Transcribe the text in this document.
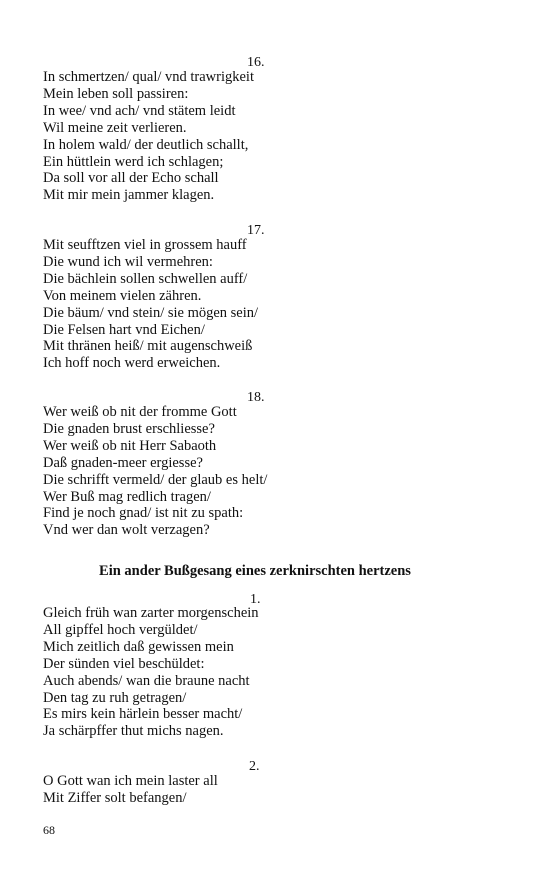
16.
In schmertzen/ qual/ vnd trawrigkeit
Mein leben soll passiren:
In wee/ vnd ach/ vnd stätem leidt
Wil meine zeit verlieren.
In holem wald/ der deutlich schallt,
Ein hüttlein werd ich schlagen;
Da soll vor all der Echo schall
Mit mir mein jammer klagen.
17.
Mit seufftzen viel in grossem hauff
Die wund ich wil vermehren:
Die bächlein sollen schwellen auff/
Von meinem vielen zähren.
Die bäum/ vnd stein/ sie mögen sein/
Die Felsen hart vnd Eichen/
Mit thränen heiß/ mit augenschweiß
Ich hoff noch werd erweichen.
18.
Wer weiß ob nit der fromme Gott
Die gnaden brust erschliesse?
Wer weiß ob nit Herr Sabaoth
Daß gnaden-meer ergiesse?
Die schrifft vermeld/ der glaub es helt/
Wer Buß mag redlich tragen/
Find je noch gnad/ ist nit zu spath:
Vnd wer dan wolt verzagen?
Ein ander Bußgesang eines zerknirschten hertzens
1.
Gleich früh wan zarter morgenschein
All gipffel hoch vergüldet/
Mich zeitlich daß gewissen mein
Der sünden viel beschüldet:
Auch abends/ wan die braune nacht
Den tag zu ruh getragen/
Es mirs kein härlein besser macht/
Ja schärpffer thut michs nagen.
2.
O Gott wan ich mein laster all
Mit Ziffer solt befangen/
68
